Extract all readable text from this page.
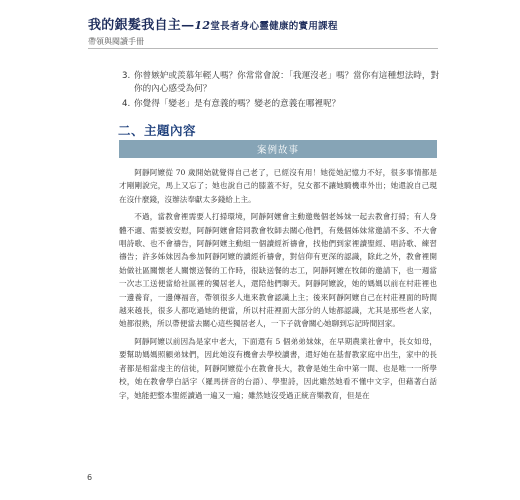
我的銀髮我自主—12堂長者身心靈健康的實用課程
帶領與閱讀手冊
3. 你曾嫉妒或羨慕年輕人嗎？你常常會說：「我運沒老」嗎？當你有這種想法時，對你的內心感受為何？
4. 你覺得「變老」是有意義的嗎？變老的意義在哪裡呢？
二、主題內容
案例故事

阿靜阿嬤從 70 歲開始就覺得自己老了，已經沒有用！她從她記憶力不好，很多事情都是才剛剛說完，馬上又忘了；她也說自己的膝蓋不好，兒女都不讓她騎機車外出；她還說自己現在沒什麼錢，沒辦法奉獻太多錢給上主。

不過，當教會裡需要人打掃環境，阿靜阿嬤會主動邀幾個老姊妹一起去教會打掃；有人身體不適、需要被安慰，阿靜阿嬤會陪同教會牧師去關心他們，有幾個姊妹常邀請不多、不大會唱詩歌、也不會禱告，阿靜阿嬤主動組一個讀經祈禱會，找他們到家裡讀聖經、唱詩歌、練習禱告；許多姊妹因為參加阿靜阿嬤的讀經祈禱會，對信仰有更深的認識，除此之外，教會裡開始做社區關懷老人關懷送餐的工作時，很缺送餐的志工，阿靜阿嬤在牧師的邀請下，也一週當一次志工送便當給社區裡的獨居老人，還陪他們聊天。阿靜阿嬤說，她的媽媽以前在村莊裡也一邊養育，一邊傳福音，帶領很多人進來教會認識上主；後來阿靜阿嬤自己在村莊裡面的時間越來越長，很多人都吃過她的便當，所以村莊裡面大部分的人她都認識，尤其是那些老人家，她都很熟，所以帶便當去關心這些獨居老人，一下子就會關心她聊到忘記時間回家。

阿靜阿嬤以前因為是家中老大，下面還有 5 個弟弟妹妹，在早期農業社會中，長女如母，要幫助媽媽照顧弟妹們，因此她沒有機會去學校讀書，還好她在基督教家庭中出生，家中的長者都是相當虔主的信徒，阿靜阿嬤從小在教會長大，教會是她生命中第一間、也是唯一一所學校，她在教會學白話字（羅馬拼音的台語）、學聖詩，因此雖然她看不懂中文字，但藉著白話字，她能把整本聖經讀過一遍又一遍；雖然她沒受過正統音樂教育，但是在

6
